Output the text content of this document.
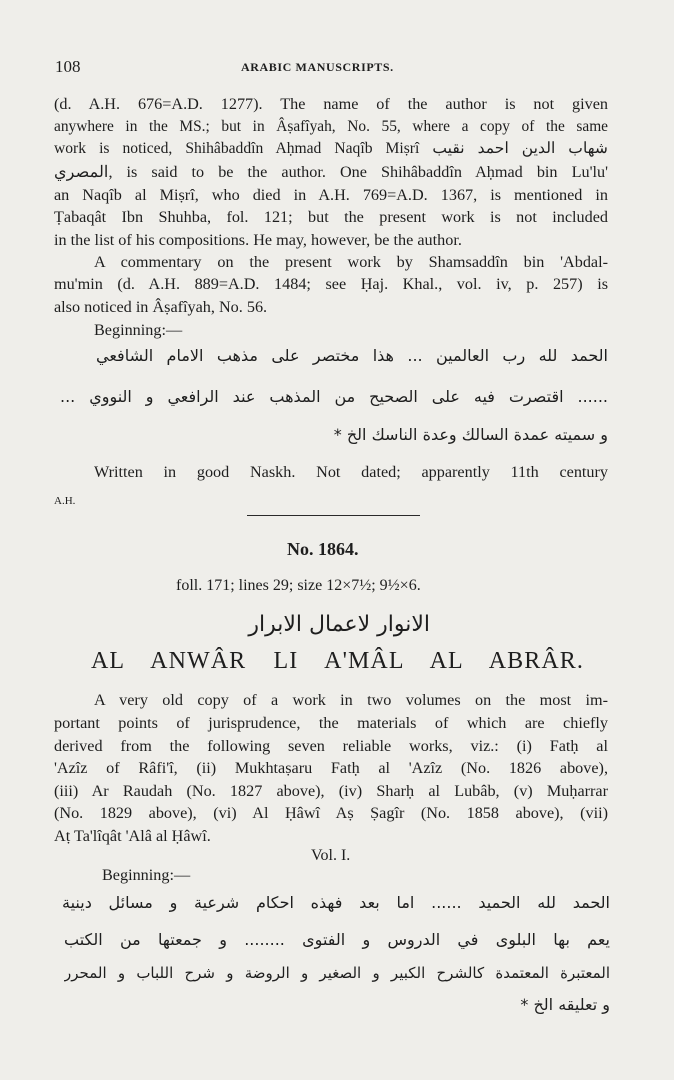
108	ARABIC MANUSCRIPTS.
(d. A.H. 676=A.D. 1277). The name of the author is not given
anywhere in the MS.; but in Âṣafîyah, No. 55, where a copy of the same
work is noticed, Shihâbaddîn Aḥmad Naqîb Miṣrî شهاب الدين احمد نقيب
المصري, is said to be the author. One Shihâbaddîn Aḥmad bin Lu'lu'
an Naqîb al Miṣrî, who died in A.H. 769=A.D. 1367, is mentioned in
Ṭabaqât Ibn Shuhba, fol. 121; but the present work is not included
in the list of his compositions. He may, however, be the author.
A commentary on the present work by Shamsaddîn bin 'Abdal-
mu'min (d. A.H. 889=A.D. 1484; see Ḥaj. Khal., vol. iv, p. 257) is
also noticed in Âṣafîyah, No. 56.
Beginning:—
الحمد لله رب العالمين ... هذا مختصر على مذهب الامام الشافعي
...... اقتصرت فيه على الصحيح من المذهب عند الرافعي و النووي ...
و سميته عمدة السالك وعدة الناسك الخ *
Written in good Naskh. Not dated; apparently 11th century
A.H.
No. 1864.
foll. 171; lines 29; size 12×7½; 9½×6.
الانوار لاعمال الابرار
AL ANWÂR LI A'MÂL AL ABRÂR.
A very old copy of a work in two volumes on the most im-
portant points of jurisprudence, the materials of which are chiefly
derived from the following seven reliable works, viz.: (i) Fatḥ al
'Azîz of Râfi'î, (ii) Mukhtaṣaru Fatḥ al 'Azîz (No. 1826 above),
(iii) Ar Raudah (No. 1827 above), (iv) Sharḥ al Lubâb, (v) Muḥarrar
(No. 1829 above), (vi) Al Ḥâwî Aṣ Ṣagîr (No. 1858 above), (vii)
Aṭ Ta'lîqât 'Alâ al Ḥâwî.
Vol. I.
Beginning:—
الحمد لله الحميد ...... اما بعد فهذه احكام شرعية و مسائل دينية
يعم بها البلوى في الدروس و الفتوى ........ و جمعتها من الكتب
المعتبرة المعتمدة كالشرح الكبير و الصغير و الروضة و شرح اللباب و المحرر
و تعليقه الخ *
